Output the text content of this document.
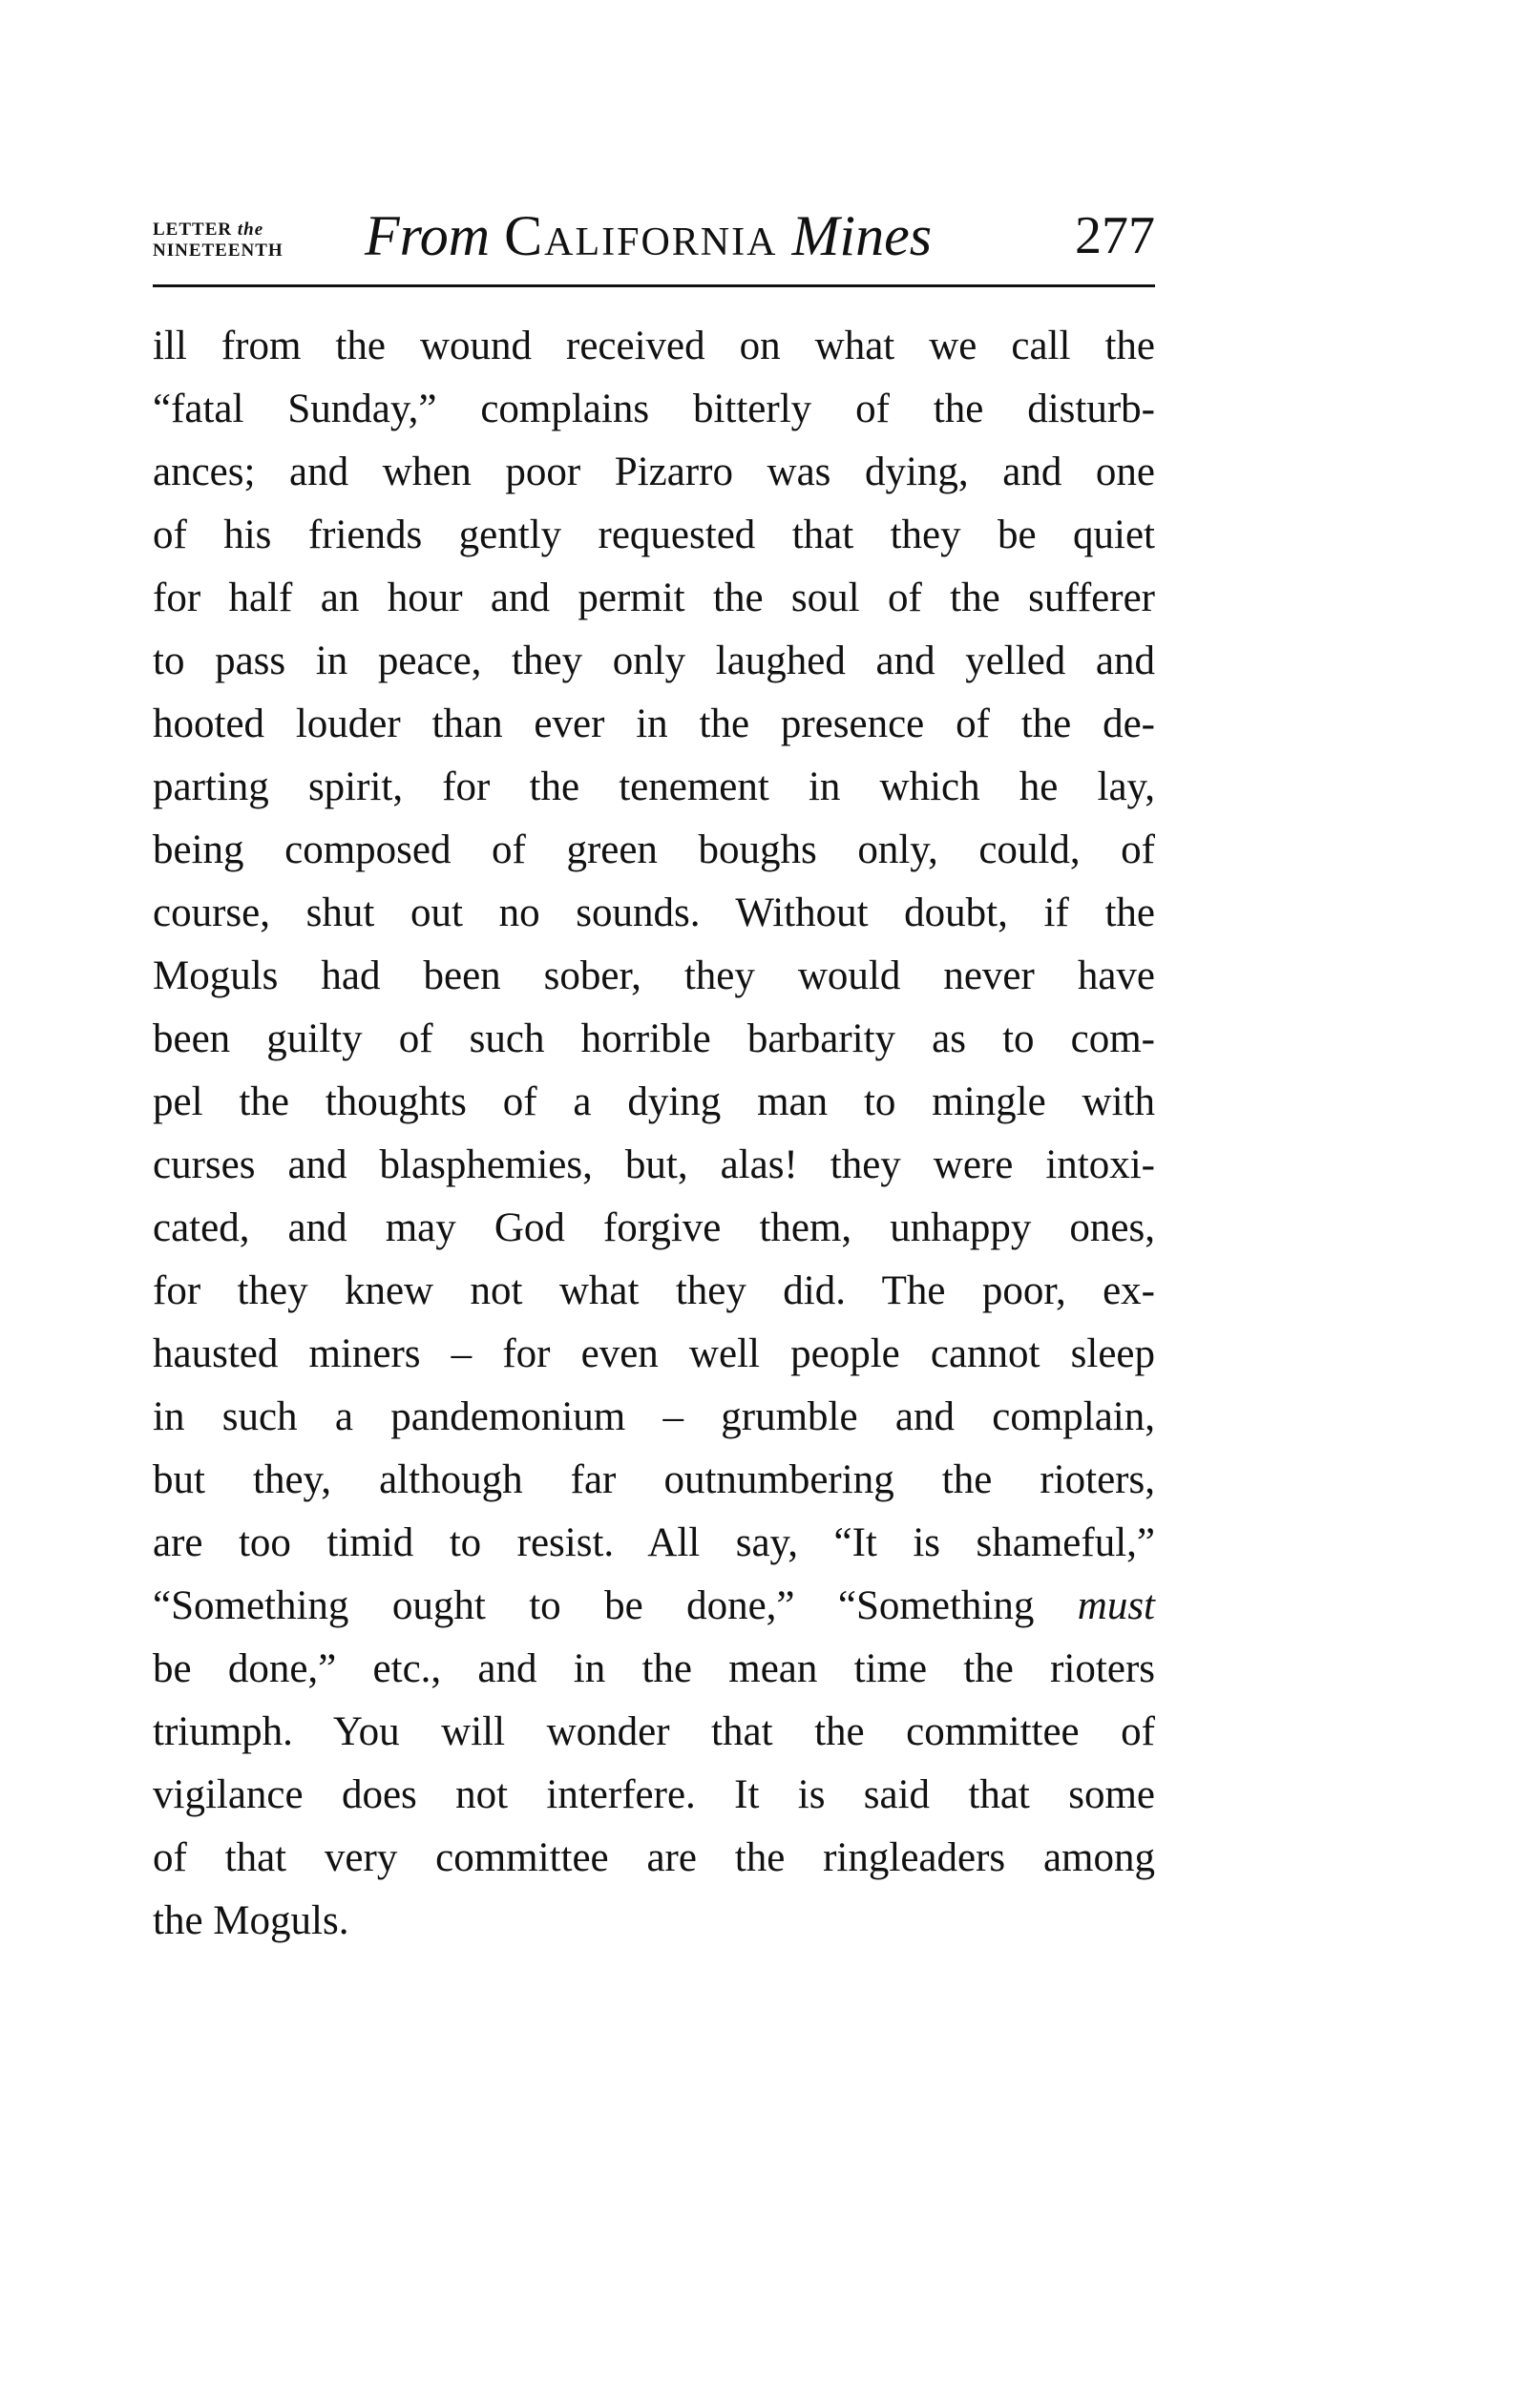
LETTER the
NINETEENTH From California Mines	277
ill from the wound received on what we call the
“fatal Sunday,” complains bitterly of the disturb-
ances; and when poor Pizarro was dying, and one
of his friends gently requested that they be quiet
for half an hour and permit the soul of the sufferer
to pass in peace, they only laughed and yelled and
hooted louder than ever in the presence of the de-
parting spirit, for the tenement in which he lay,
being composed of green boughs only, could, of
course, shut out no sounds. Without doubt, if the
Moguls had been sober, they would never have
been guilty of such horrible barbarity as to com-
pel the thoughts of a dying man to mingle with
curses and blasphemies, but, alas! they were intoxi-
cated, and may God forgive them, unhappy ones,
for they knew not what they did. The poor, ex-
hausted miners – for even well people cannot sleep
in such a pandemonium – grumble and complain,
but they, although far outnumbering the rioters,
are too timid to resist. All say, “It is shameful,”
“Something ought to be done,” “Something must
be done,” etc., and in the mean time the rioters
triumph. You will wonder that the committee of
vigilance does not interfere. It is said that some
of that very committee are the ringleaders among
the Moguls.
